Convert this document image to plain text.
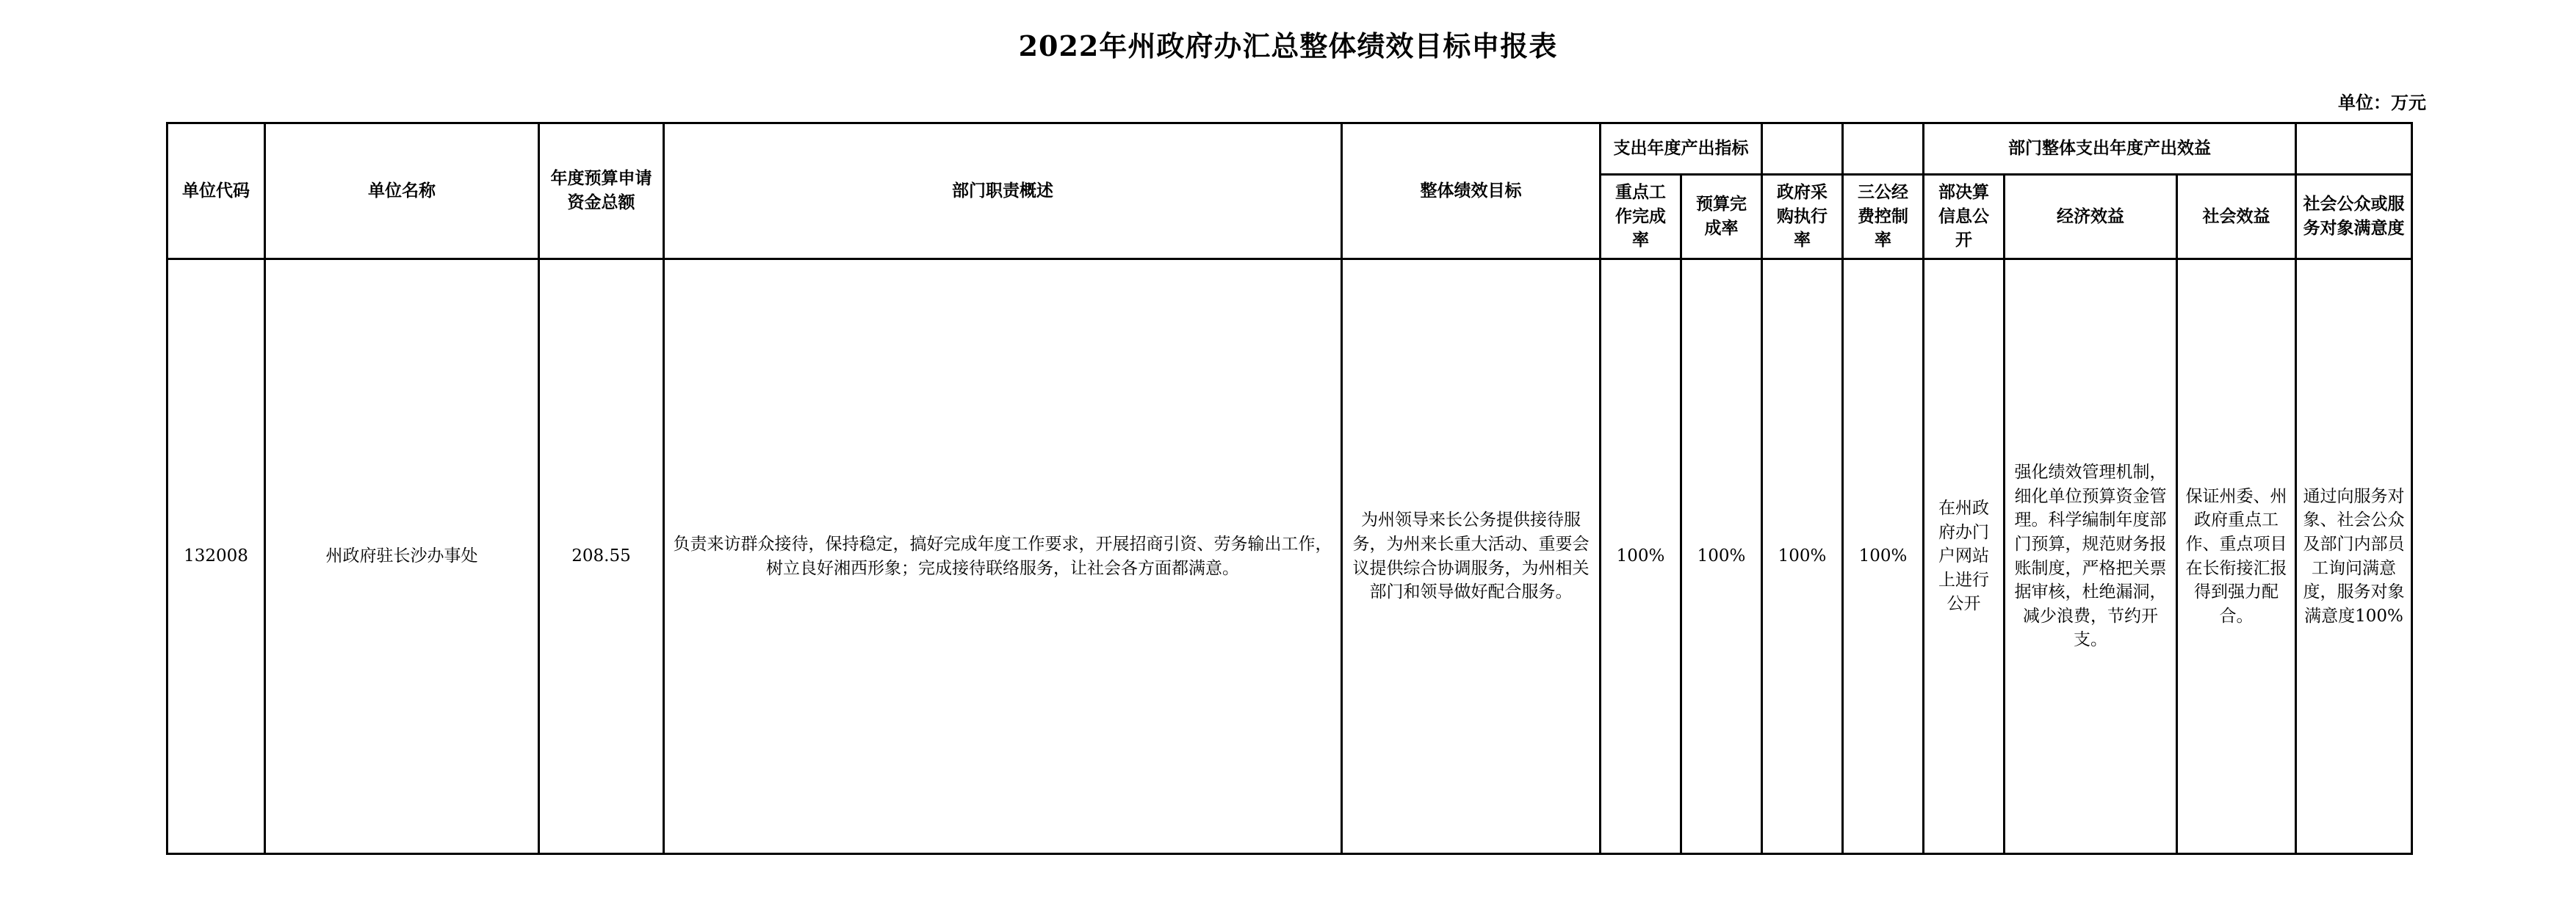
2022年州政府办汇总整体绩效目标申报表
单位：万元
单位代码	单位名称	年度预算申请资金总额	部门职责概述	整体绩效目标	支出年度产出指标				部门整体支出年度产出效益			
					重点工作完成率	预算完成率	政府采购执行率	三公经费控制率	部决算信息公开	经济效益	社会效益	社会公众或服务对象满意度
132008	州政府驻长沙办事处	208.55	负责来访群众接待，保持稳定，搞好完成年度工作要求，开展招商引资、劳务输出工作，树立良好湘西形象；完成接待联络服务，让社会各方面都满意。	为州领导来长公务提供接待服务，为州来长重大活动、重要会议提供综合协调服务，为州相关部门和领导做好配合服务。	100%	100%	100%	100%	在州政府办门户网站上进行公开	强化绩效管理机制，细化单位预算资金管理。科学编制年度部门预算，规范财务报账制度，严格把关票据审核，杜绝漏洞，减少浪费，节约开支。	保证州委、州政府重点工作、重点项目在长衔接汇报得到强力配合。	通过向服务对象、社会公众及部门内部员工询问满意度，服务对象满意度100%
